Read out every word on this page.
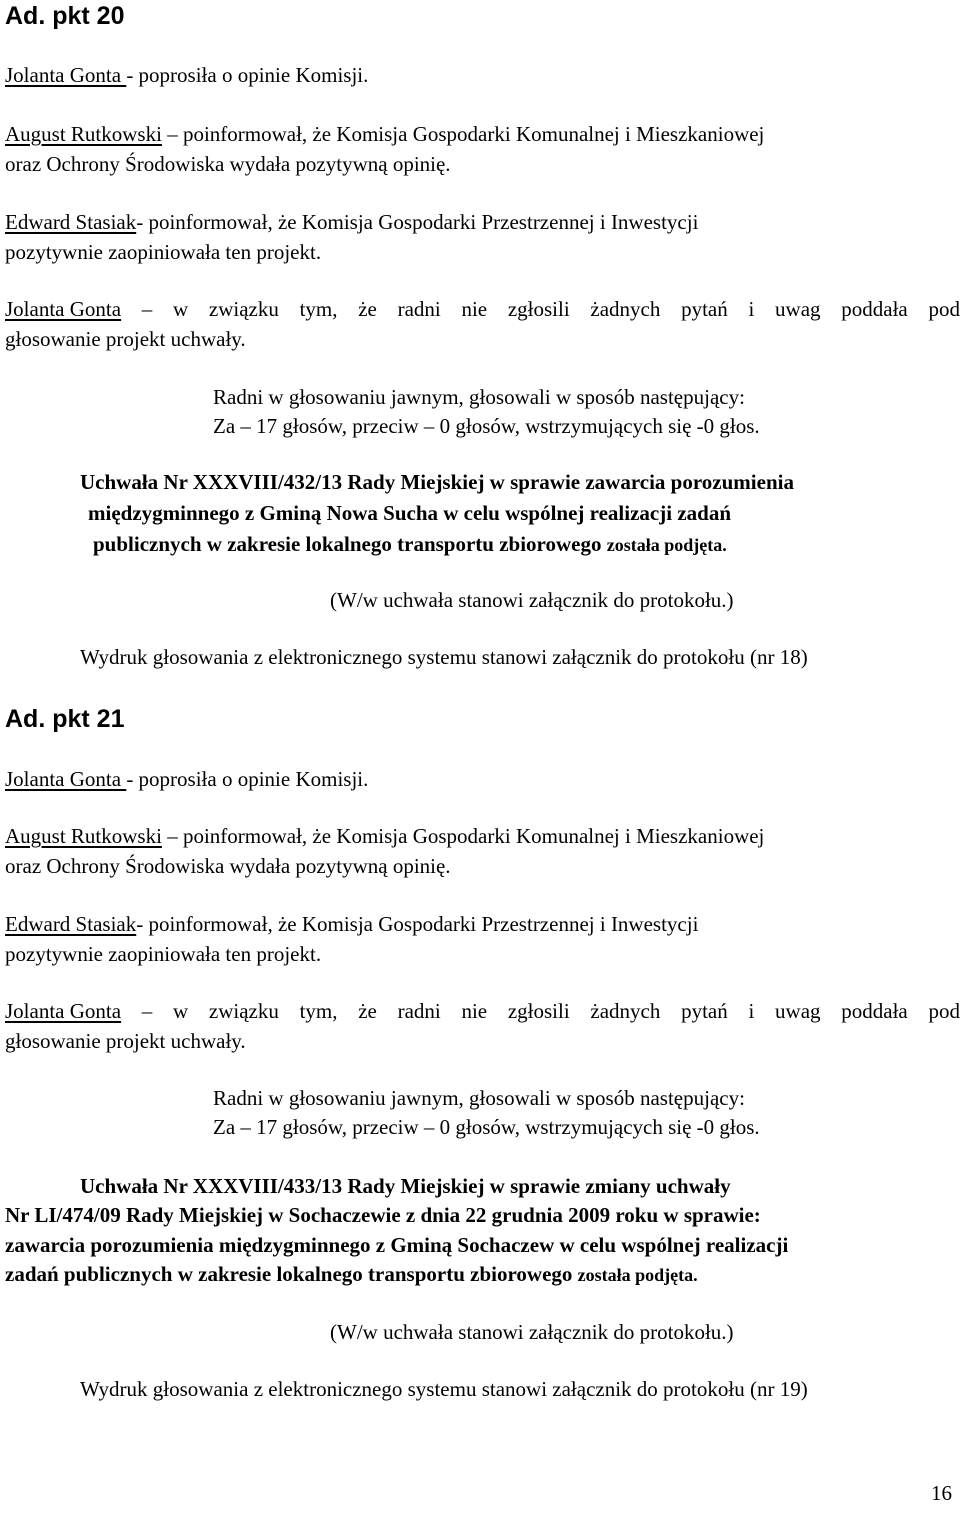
Ad. pkt 20
Jolanta Gonta - poprosiła o opinie Komisji.
August Rutkowski – poinformował, że Komisja Gospodarki Komunalnej i Mieszkaniowej
oraz Ochrony Środowiska wydała pozytywną opinię.
Edward Stasiak- poinformował, że Komisja Gospodarki Przestrzennej i Inwestycji
pozytywnie zaopiniowała ten projekt.
Jolanta Gonta – w związku tym, że radni nie zgłosili żadnych pytań i uwag poddała pod
głosowanie projekt uchwały.
Radni w głosowaniu jawnym, głosowali w sposób następujący:
Za – 17 głosów, przeciw – 0 głosów, wstrzymujących się -0 głos.
Uchwała Nr XXXVIII/432/13 Rady Miejskiej w sprawie zawarcia porozumienia
międzygminnego z Gminą Nowa Sucha w celu wspólnej realizacji zadań
publicznych w zakresie lokalnego transportu zbiorowego została podjęta.
(W/w uchwała stanowi załącznik do protokołu.)
Wydruk głosowania z elektronicznego systemu stanowi załącznik do protokołu (nr 18)
Ad. pkt 21
Jolanta Gonta - poprosiła o opinie Komisji.
August Rutkowski – poinformował, że Komisja Gospodarki Komunalnej i Mieszkaniowej
oraz Ochrony Środowiska wydała pozytywną opinię.
Edward Stasiak- poinformował, że Komisja Gospodarki Przestrzennej i Inwestycji
pozytywnie zaopiniowała ten projekt.
Jolanta Gonta – w związku tym, że radni nie zgłosili żadnych pytań i uwag poddała pod
głosowanie projekt uchwały.
Radni w głosowaniu jawnym, głosowali w sposób następujący:
Za – 17 głosów, przeciw – 0 głosów, wstrzymujących się -0 głos.
Uchwała Nr XXXVIII/433/13 Rady Miejskiej w sprawie zmiany uchwały
Nr LI/474/09 Rady Miejskiej w Sochaczewie z dnia 22 grudnia 2009 roku w sprawie:
zawarcia porozumienia międzygminnego z Gminą Sochaczew w celu wspólnej realizacji
zadań publicznych w zakresie lokalnego transportu zbiorowego została podjęta.
(W/w uchwała stanowi załącznik do protokołu.)
Wydruk głosowania z elektronicznego systemu stanowi załącznik do protokołu (nr 19)
16
